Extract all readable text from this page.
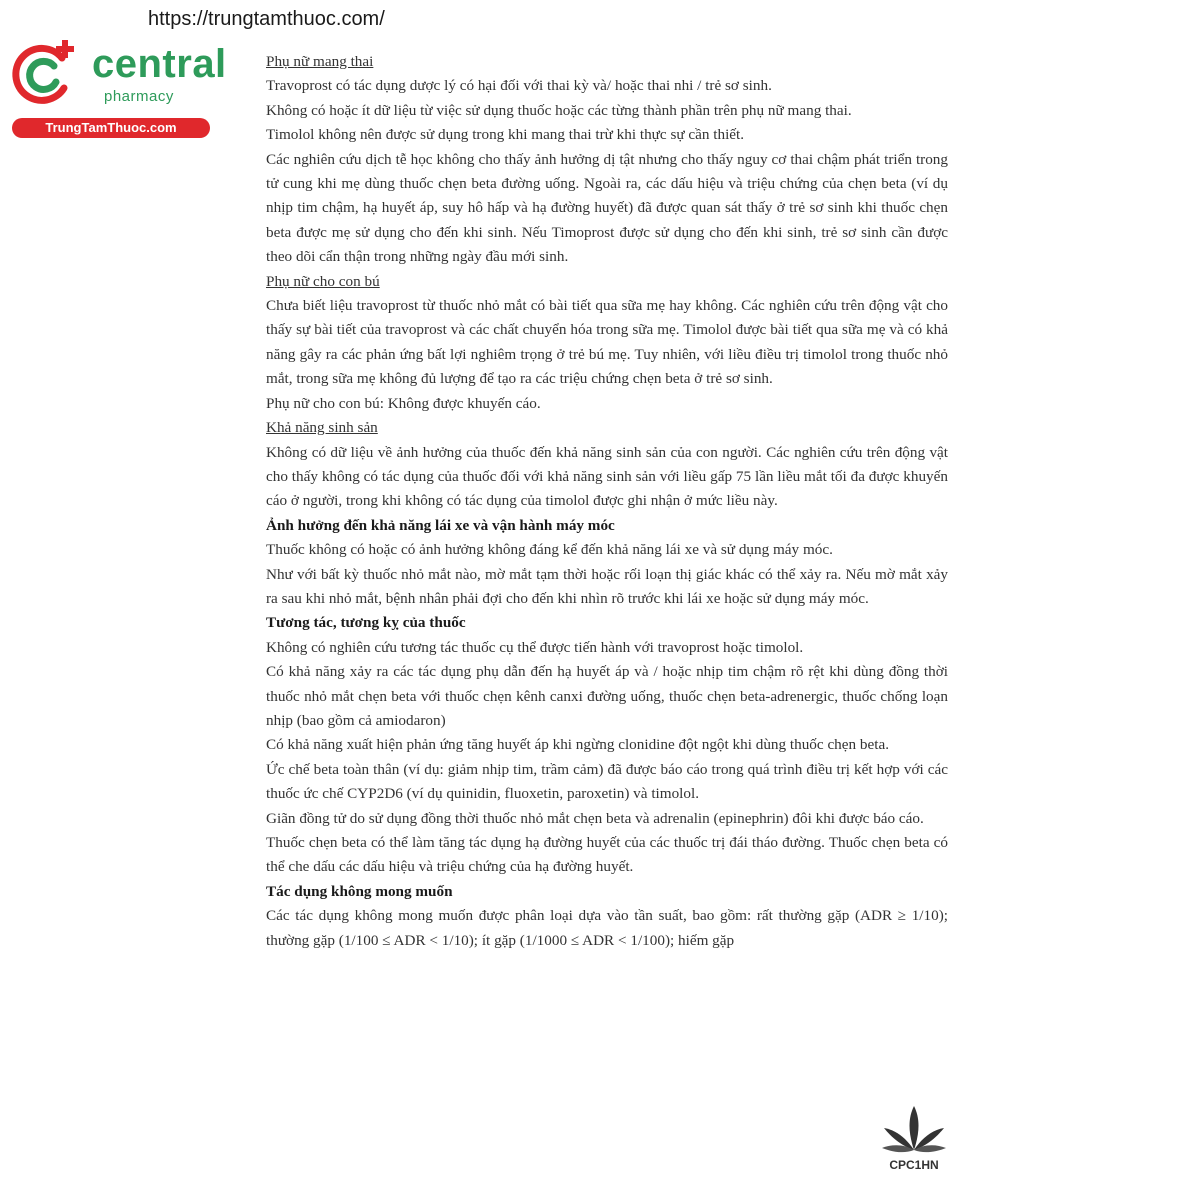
https://trungtamthuoc.com/
central
pharmacy
TrungTamThuoc.com

Phụ nữ mang thai

Travoprost có tác dụng dược lý có hại đối với thai kỳ và/ hoặc thai nhi / trẻ sơ sinh.

Không có hoặc ít dữ liệu từ việc sử dụng thuốc hoặc các từng thành phần trên phụ nữ mang thai.

Timolol không nên được sử dụng trong khi mang thai trừ khi thực sự cần thiết.

Các nghiên cứu dịch tễ học không cho thấy ảnh hưởng dị tật nhưng cho thấy nguy cơ thai chậm phát triển trong tử cung khi mẹ dùng thuốc chẹn beta đường uống. Ngoài ra, các dấu hiệu và triệu chứng của chẹn beta (ví dụ nhịp tim chậm, hạ huyết áp, suy hô hấp và hạ đường huyết) đã được quan sát thấy ở trẻ sơ sinh khi thuốc chẹn beta được mẹ sử dụng cho đến khi sinh. Nếu Timoprost được sử dụng cho đến khi sinh, trẻ sơ sinh cần được theo dõi cẩn thận trong những ngày đầu mới sinh.

Phụ nữ cho con bú

Chưa biết liệu travoprost từ thuốc nhỏ mắt có bài tiết qua sữa mẹ hay không. Các nghiên cứu trên động vật cho thấy sự bài tiết của travoprost và các chất chuyển hóa trong sữa mẹ. Timolol được bài tiết qua sữa mẹ và có khả năng gây ra các phản ứng bất lợi nghiêm trọng ở trẻ bú mẹ. Tuy nhiên, với liều điều trị timolol trong thuốc nhỏ mắt, trong sữa mẹ không đủ lượng để tạo ra các triệu chứng chẹn beta ở trẻ sơ sinh.

Phụ nữ cho con bú: Không được khuyến cáo.

Khả năng sinh sản

Không có dữ liệu về ảnh hưởng của thuốc đến khả năng sinh sản của con người. Các nghiên cứu trên động vật cho thấy không có tác dụng của thuốc đối với khả năng sinh sản với liều gấp 75 lần liều mắt tối đa được khuyến cáo ở người, trong khi không có tác dụng của timolol được ghi nhận ở mức liều này.

Ảnh hưởng đến khả năng lái xe và vận hành máy móc

Thuốc không có hoặc có ảnh hưởng không đáng kể đến khả năng lái xe và sử dụng máy móc.

Như với bất kỳ thuốc nhỏ mắt nào, mờ mắt tạm thời hoặc rối loạn thị giác khác có thể xảy ra. Nếu mờ mắt xảy ra sau khi nhỏ mắt, bệnh nhân phải đợi cho đến khi nhìn rõ trước khi lái xe hoặc sử dụng máy móc.

Tương tác, tương kỵ của thuốc

Không có nghiên cứu tương tác thuốc cụ thể được tiến hành với travoprost hoặc timolol.

Có khả năng xảy ra các tác dụng phụ dẫn đến hạ huyết áp và / hoặc nhịp tim chậm rõ rệt khi dùng đồng thời thuốc nhỏ mắt chẹn beta với thuốc chẹn kênh canxi đường uống, thuốc chẹn beta-adrenergic, thuốc chống loạn nhịp (bao gồm cả amiodaron)

Có khả năng xuất hiện phản ứng tăng huyết áp khi ngừng clonidine đột ngột khi dùng thuốc chẹn beta.

Ức chế beta toàn thân (ví dụ: giảm nhịp tim, trầm cảm) đã được báo cáo trong quá trình điều trị kết hợp với các thuốc ức chế CYP2D6 (ví dụ quinidin, fluoxetin, paroxetin) và timolol.

Giãn đồng tử do sử dụng đồng thời thuốc nhỏ mắt chẹn beta và adrenalin (epinephrin) đôi khi được báo cáo.

Thuốc chẹn beta có thể làm tăng tác dụng hạ đường huyết của các thuốc trị đái tháo đường. Thuốc chẹn beta có thể che dấu các dấu hiệu và triệu chứng của hạ đường huyết.

Tác dụng không mong muốn

Các tác dụng không mong muốn được phân loại dựa vào tần suất, bao gồm: rất thường gặp (ADR ≥ 1/10); thường gặp (1/100 ≤ ADR < 1/10); ít gặp (1/1000 ≤ ADR < 1/100); hiếm gặp

CPC1HN
